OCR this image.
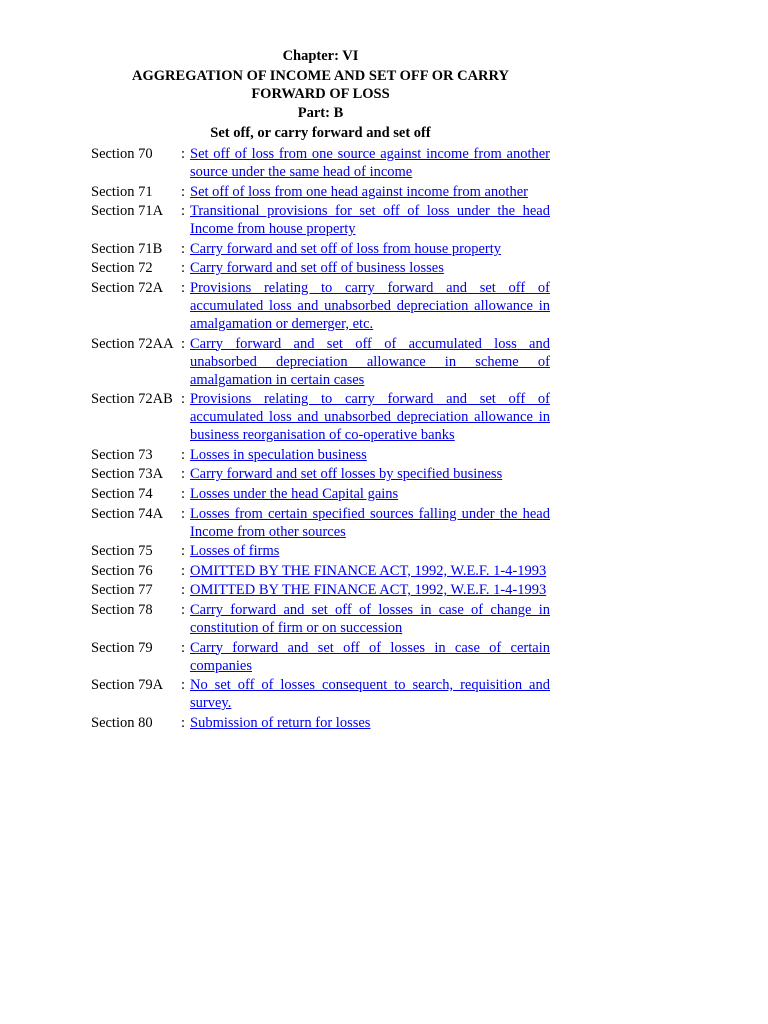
Chapter: VI
AGGREGATION OF INCOME AND SET OFF OR CARRY
FORWARD OF LOSS
Part: B
Set off, or carry forward and set off
Section 70	: Set off of loss from one source against income from another source under the same head of income
Section 71	: Set off of loss from one head against income from another
Section 71A	: Transitional provisions for set off of loss under the head Income from house property
Section 71B	: Carry forward and set off of loss from house property
Section 72	: Carry forward and set off of business losses
Section 72A	: Provisions relating to carry forward and set off of accumulated loss and unabsorbed depreciation allowance in amalgamation or demerger, etc.
Section 72AA : Carry forward and set off of accumulated loss and unabsorbed depreciation allowance in scheme of amalgamation in certain cases
Section 72AB : Provisions relating to carry forward and set off of accumulated loss and unabsorbed depreciation allowance in business reorganisation of co-operative banks
Section 73	: Losses in speculation business
Section 73A	: Carry forward and set off losses by specified business
Section 74	: Losses under the head Capital gains
Section 74A	: Losses from certain specified sources falling under the head Income from other sources
Section 75	: Losses of firms
Section 76	: OMITTED BY THE FINANCE ACT, 1992, W.E.F. 1-4-1993
Section 77	: OMITTED BY THE FINANCE ACT, 1992, W.E.F. 1-4-1993
Section 78	: Carry forward and set off of losses in case of change in constitution of firm or on succession
Section 79	: Carry forward and set off of losses in case of certain companies
Section 79A	: No set off of losses consequent to search, requisition and survey.
Section 80	: Submission of return for losses
